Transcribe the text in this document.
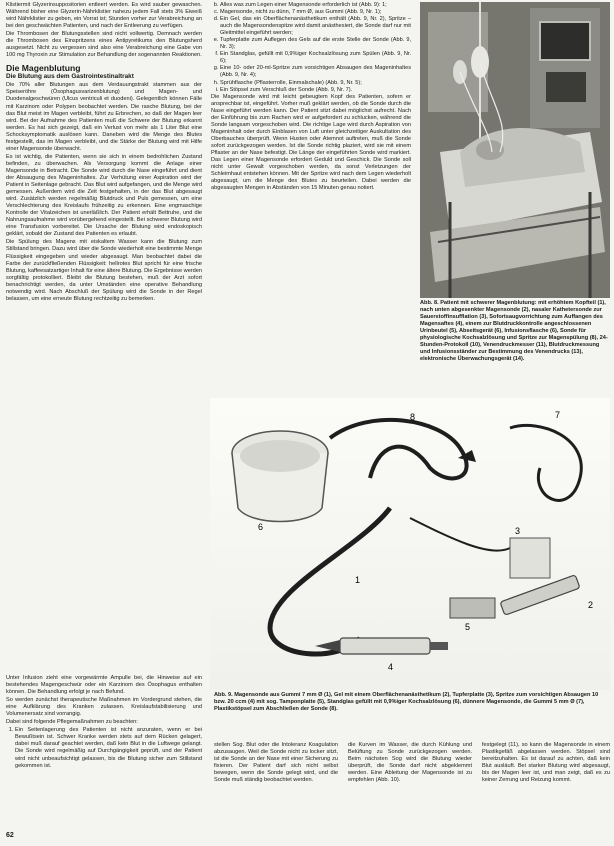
Klistiermit Glyzerinsuppositorien entleert werden. Es wird sauber gewaschen. Während bisher eine Glyzerin-Nährklistier nahezu jedem Fall stets 3% Eiweiß wird Nährklistier zu geben, ein Vorrat ist; Stunden vorher zur Verabreichung an bei den geschwächten Patienten, und nach der Entleerung zu verfügen.

Die Thrombosen der Blutungsstellen sind nicht vollwertig. Demnach werden die Thrombosen des Einspritzens eines Antipyretikums den Blutungsherd ausgesetzt. Nicht zu vergessen sind also eine Verabreichung eine Gabe von 100 mg Thyroxin zur Stimulation zur Behandlung der sogenannten Reaktionen.

Die Magenblutung
Die Blutung aus dem Gastrointestinaltrakt

Die 70% aller Blutungen aus dem Verdauungstrakt stammen aus der Speiseröhre (Ösophagusvarizenblutung) und Magen- und Duodenalgeschwüren (Ulcus ventriculi et duodeni). Gelegentlich können Fälle mit Karzinom oder Polypen beobachtet werden. Die rasche Blutung, bei der das Blut meist im Magen verbleibt, führt zu Erbrechen, so daß der Magen leer wird. Bei der Aufnahme des Patienten muß die Schwere der Blutung erkannt werden. Es hat sich gezeigt, daß ein Verlust von mehr als 1 Liter Blut eine Schocksymptomatik auslösen kann. Daneben wird die Menge des Blutes festgestellt, das im Magen verbleibt, und die Stärke der Blutung wird mit Hilfe einer Magensonde überwacht.

Es ist wichtig, die Patienten, wenn sie sich in einem bedrohlichen Zustand befinden, zu überwachen. Als Versorgung kommt die Anlage einer Magensonde in Betracht. Die Sonde wird durch die Nase eingeführt und dient der Absaugung des Mageninhaltes. Zur Verhütung einer Aspiration wird der Patient in Seitenlage gebracht. Das Blut wird aufgefangen, und die Menge wird gemessen. Außerdem wird die Zeit festgehalten, in der das Blut abgesaugt wird. Zusätzlich werden regelmäßig Blutdruck und Puls gemessen, um eine Verschlechterung des Kreislaufs frühzeitig zu erkennen. Eine engmaschige Kontrolle der Vitalzeichen ist unerläßlich. Der Patient erhält Bettruhe, und die Nahrungsaufnahme wird vorübergehend eingestellt. Bei schwerer Blutung wird eine Transfusion vorbereitet. Die Ursache der Blutung wird endoskopisch geklärt, sobald der Zustand des Patienten es erlaubt.

Die Spülung des Magens mit eiskaltem Wasser kann die Blutung zum Stillstand bringen. Dazu wird über die Sonde wiederholt eine bestimmte Menge Flüssigkeit eingegeben und wieder abgesaugt. Man beobachtet dabei die Farbe der zurückfließenden Flüssigkeit: hellrotes Blut spricht für eine frische Blutung, kaffeesatzartiger Inhalt für eine ältere Blutung. Die Ergebnisse werden sorgfältig protokolliert. Bleibt die Blutung bestehen, muß der Arzt sofort benachrichtigt werden, da unter Umständen eine operative Behandlung notwendig wird. Nach Abschluß der Spülung wird die Sonde in der Regel belassen, um eine erneute Blutung rechtzeitig zu bemerken.

Unter Infusion zieht eine vorgewärmte Ampulle bei, die Hinweise auf ein bestehendes Magengeschwür oder ein Karzinom des Ösophagus enthalten können. Die Behandlung erfolgt je nach Befund.

So werden zunächst therapeutische Maßnahmen im Vordergrund stehen, die eine Aufklärung des Kranken zulassen. Kreislaufstabilisierung und Volumenersatz sind vorrangig.

Dabei sind folgende Pflegemaßnahmen zu beachten:

1. Ein Seitenlagerung des Patienten ist nicht anzuraten, wenn er bei Bewußtsein ist. Schwer Kranke werden stets auf dem Rücken gelagert, dabei muß darauf geachtet werden, daß kein Blut in die Luftwege gelangt. Die Sonde wird regelmäßig auf Durchgängigkeit geprüft, und der Patient wird nicht unbeaufsichtigt gelassen, bis die Blutung sicher zum Stillstand gekommen ist.
b. Alles was zum Legen einer Magensonde erforderlich ist (Abb. 9): 1;
c. Magensonde, nicht zu dünn, 7 mm Ø, aus Gummi (Abb. 9, Nr. 1);
d. Ein Gel, das ein Oberflächenanästhetikum enthält (Abb. 9, Nr. 2), Spritze – auch die Magensondenspitze wird damit anästhesiert, die Sonde darf nur mit Gleitmittel eingeführt werden;
e. Tupferplatte zum Auflegen des Gels auf die erste Stelle der Sonde (Abb. 9, Nr. 3);
f. Ein Standglas, gefüllt mit 0,9%iger Kochsalzlösung zum Spülen (Abb. 9, Nr. 6);
g. Eine 10- oder 20-ml-Spritze zum vorsichtigen Absaugen des Mageninhaltes (Abb. 9, Nr. 4);
h. Sprühflasche (Pflasterrolle, Einmalschale) (Abb. 9, Nr. 5);
i. Ein Stöpsel zum Verschluß der Sonde (Abb. 9, Nr. 7).

Die Magensonde wird mit leicht gebeugtem Kopf des Patienten, sofern er ansprechbar ist, eingeführt. Vorher muß geklärt werden, ob die Sonde durch die Nase eingeführt werden kann. Der Patient sitzt dabei möglichst aufrecht. Nach der Einführung bis zum Rachen wird er aufgefordert zu schlucken, während die Sonde langsam vorgeschoben wird. Die richtige Lage wird durch Aspiration von Mageninhalt oder durch Einblasen von Luft unter gleichzeitiger Auskultation des Oberbauches überprüft. Wenn Husten oder Atemnot auftreten, muß die Sonde sofort zurückgezogen werden. Ist die Sonde richtig plaziert, wird sie mit einem Pflaster an der Nase befestigt. Die Länge der eingeführten Sonde wird markiert. Das Legen einer Magensonde erfordert Geduld und Geschick. Die Sonde soll nicht unter Gewalt vorgeschoben werden, da sonst Verletzungen der Schleimhaut entstehen können. Mit der Spritze wird nach dem Legen wiederholt abgesaugt, um die Menge des Blutes zu beurteilen. Dabei werden die abgesaugten Mengen in Abständen von 15 Minuten genau notiert.

Abb. 8. Patient mit schwerer Magenblutung: mit erhöhtem Kopfteil (1), nach unten abgesenkter Magensonde (2), nasaler Kathetersonde zur Sauerstoffinsufflation (3), Sofortsaugvorrichtung zum Auffangen des Magensaftes (4), einem zur Blutdruckkontrolle angeschlossenen Urinbeutel (5), Abseitsgerät (6), Infusionsflasche (6), Sonde für physiologische Kochsalzlösung und Spritze zur Magenspülung (8), 24-Stunden-Protokoll (10), Venendruckmesser (11), Blutdruckmessung und Infusionsständer zur Bestimmung des Venendrucks (13), elektronische Überwachungsgerät (14).
6
8	7
1
2
3
4
5
Abb. 9. Magensonde aus Gummi 7 mm Ø (1), Gel mit einem Oberflächenanästhetikum (2), Tupferplatte (3), Spritze zum vorsichtigen Absaugen 10 bzw. 20 ccm (4) mit sog. Tamponplatte (5), Standglas gefüllt mit 0,9%iger Kochsalzlösung (6), dünnere Magensonde, die Gummi 5 mm Ø (7), Plastikstöpsel zum Abschließen der Sonde (8).

stellen Sog. Blut oder die Intoleranz Koagulation abzusaugen. Weil die Sonde nicht zu locker sitzt, ist die Sonde an der Nase mit einer Sicherung zu fixieren. Der Patient darf sich nicht selbst bewegen, wenn die Sonde gelegt wird, und die Sonde muß ständig beobachtet werden.

die Kurven im Wasser, die durch Kühlung und Belüftung zu Sonde zurückgezogen werden. Beim nächsten Sog wird die Blutung wieder überprüft, die Sonde darf nicht abgeklemmt werden. Eine Ableitung der Magensonde ist zu empfehlen (Abb. 10).

festgelegt (11), so kann die Magensonde in einem Plastikgefäß abgelassen werden. Stöpsel sind bereitzuhalten. Es ist darauf zu achten, daß kein Blut ausläuft. Bei starker Blutung wird abgesaugt, bis der Magen leer ist, und man zeigt, daß es zu keiner Zerrung und Reizung kommt.

62
